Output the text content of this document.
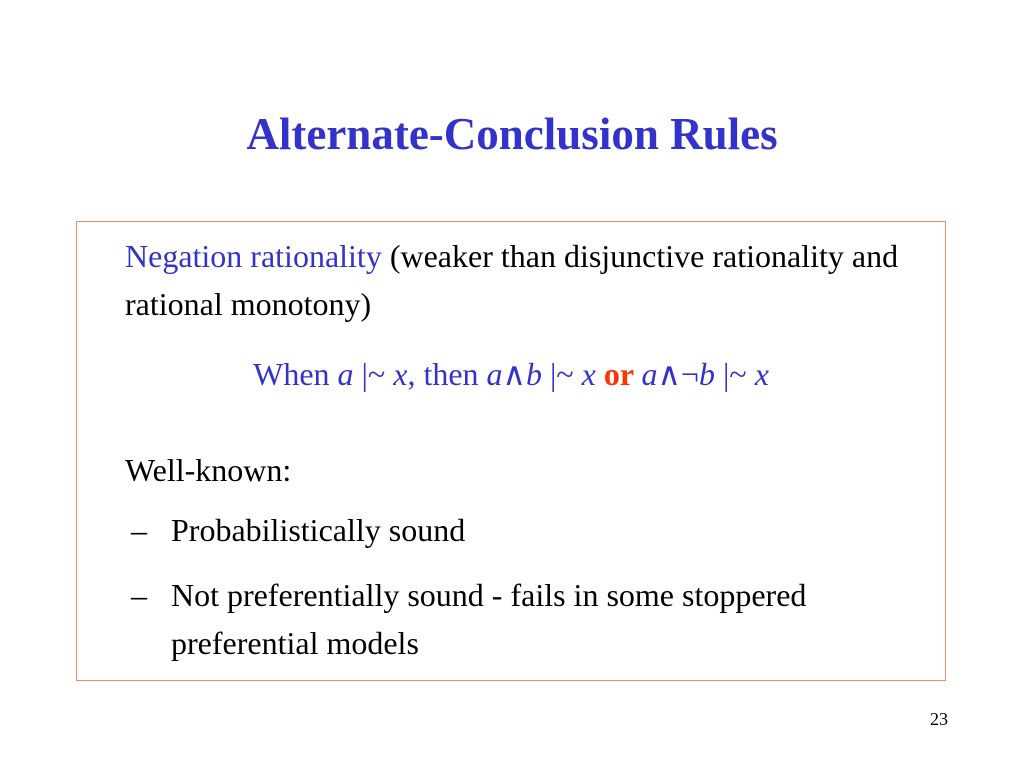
Alternate-Conclusion Rules
Negation rationality (weaker than disjunctive rationality and rational monotony)
When a |~ x, then a∧b |~ x or a∧¬b |~ x
Well-known:
– Probabilistically sound
– Not preferentially sound - fails in some stoppered preferential models
23
